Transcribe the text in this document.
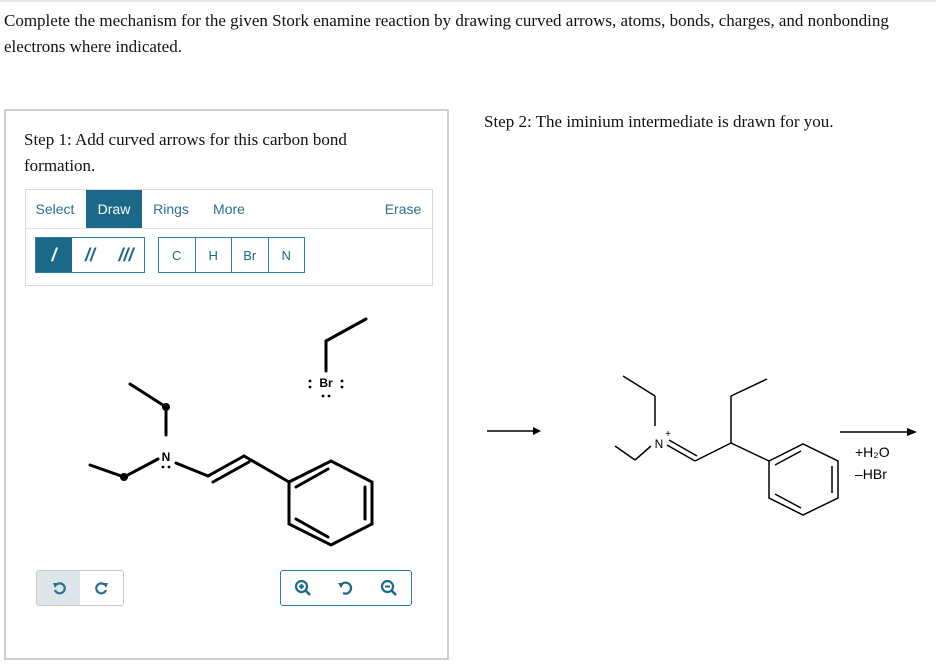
Complete the mechanism for the given Stork enamine reaction by drawing curved arrows, atoms, bonds, charges, and nonbonding electrons where indicated.
Step 1: Add curved arrows for this carbon bond formation.
Select	Draw	Rings	More	Erase
/	//	///	C	H	Br	N
N
Br
Step 2: The iminium intermediate is drawn for you.
N
+
+H₂O
–HBr
